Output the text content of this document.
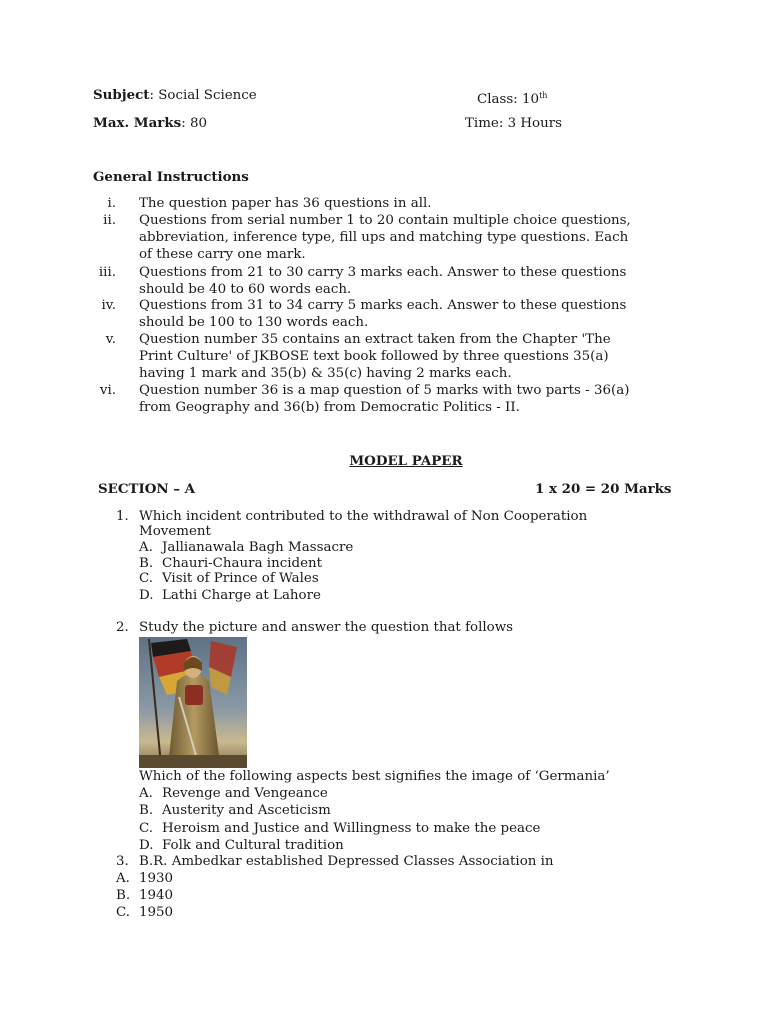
Subject: Social Science	Class: 10th
Max. Marks: 80	Time: 3 Hours
General Instructions
i. The question paper has 36 questions in all.
ii. Questions from serial number 1 to 20 contain multiple choice questions,
abbreviation, inference type, fill ups and matching type questions. Each
of these carry one mark.
iii. Questions from 21 to 30 carry 3 marks each. Answer to these questions
should be 40 to 60 words each.
iv. Questions from 31 to 34 carry 5 marks each. Answer to these questions
should be 100 to 130 words each.
v. Question number 35 contains an extract taken from the Chapter 'The
Print Culture' of JKBOSE text book followed by three questions 35(a)
having 1 mark and 35(b) & 35(c) having 2 marks each.
vi. Question number 36 is a map question of 5 marks with two parts - 36(a)
from Geography and 36(b) from Democratic Politics - II.
MODEL PAPER
SECTION – A	1 x 20 = 20 Marks
1. Which incident contributed to the withdrawal of Non Cooperation
Movement
A. Jallianawala Bagh Massacre
B. Chauri-Chaura incident
C. Visit of Prince of Wales
D. Lathi Charge at Lahore
2. Study the picture and answer the question that follows
Which of the following aspects best signifies the image of ‘Germania’
A. Revenge and Vengeance
B. Austerity and Asceticism
C. Heroism and Justice and Willingness to make the peace
D. Folk and Cultural tradition
3. B.R. Ambedkar established Depressed Classes Association in
A. 1930
B. 1940
C. 1950
